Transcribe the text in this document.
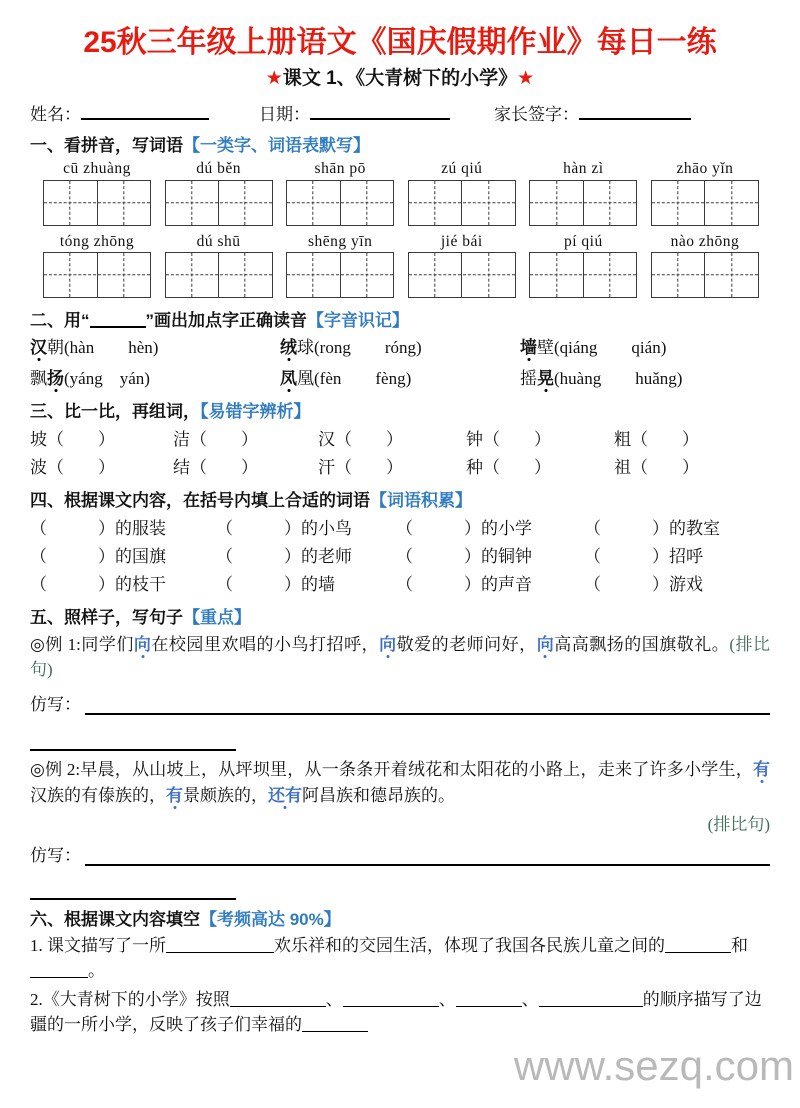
25秋三年级上册语文《国庆假期作业》每日一练
★课文 1、《大青树下的小学》★
姓名：	日期：	家长签字：
一、看拼音，写词语【一类字、词语表默写】
cū zhuàng	dú běn	shān pō	zú qiú	hàn zì	zhāo yǐn
tóng zhōng	dú shū	shēng yīn	jié bái	pí qiú	nào zhōng
二、用“	”画出加点字正确读音【字音识记】
汉朝(hàn　　hèn)	绒球(rong　　róng)	墙壁(qiáng　　qián)
飘扬(yáng　yán)	凤凰(fèn　　fèng)	摇晃(huàng　　huǎng)
三、比一比，再组词，【易错字辨析】
坡（　　）	洁（　　）	汉（　　）	钟（　　）	粗（　　）
波（　　）	结（　　）	汗（　　）	种（　　）	祖（　　）
四、根据课文内容，在括号内填上合适的词语【词语积累】
（　　　）的服装	（　　　）的小鸟	（　　　）的小学	（　　　）的教室
（　　　）的国旗	（　　　）的老师	（　　　）的铜钟	（　　　）招呼
（　　　）的枝干	（　　　）的墙	（　　　）的声音	（　　　）游戏
五、照样子，写句子【重点】
◎例 1:同学们向在校园里欢唱的小鸟打招呼，向敬爱的老师问好，向高高飘扬的国旗敬礼。(排比句)
仿写：
◎例 2:早晨，从山坡上，从坪坝里，从一条条开着绒花和太阳花的小路上，走来了许多小学生，有汉族的有傣族的，有景颇族的，还有阿昌族和德昂族的。
(排比句)
仿写：
六、根据课文内容填空【考频高达 90%】
1. 课文描写了一所	欢乐祥和的交园生活，体现了我国各民族儿童之间的	和。
2.《大青树下的小学》按照	、	、	、	的顺序描写了边疆的一所小学，反映了孩子们幸福的
www.sezq.com
